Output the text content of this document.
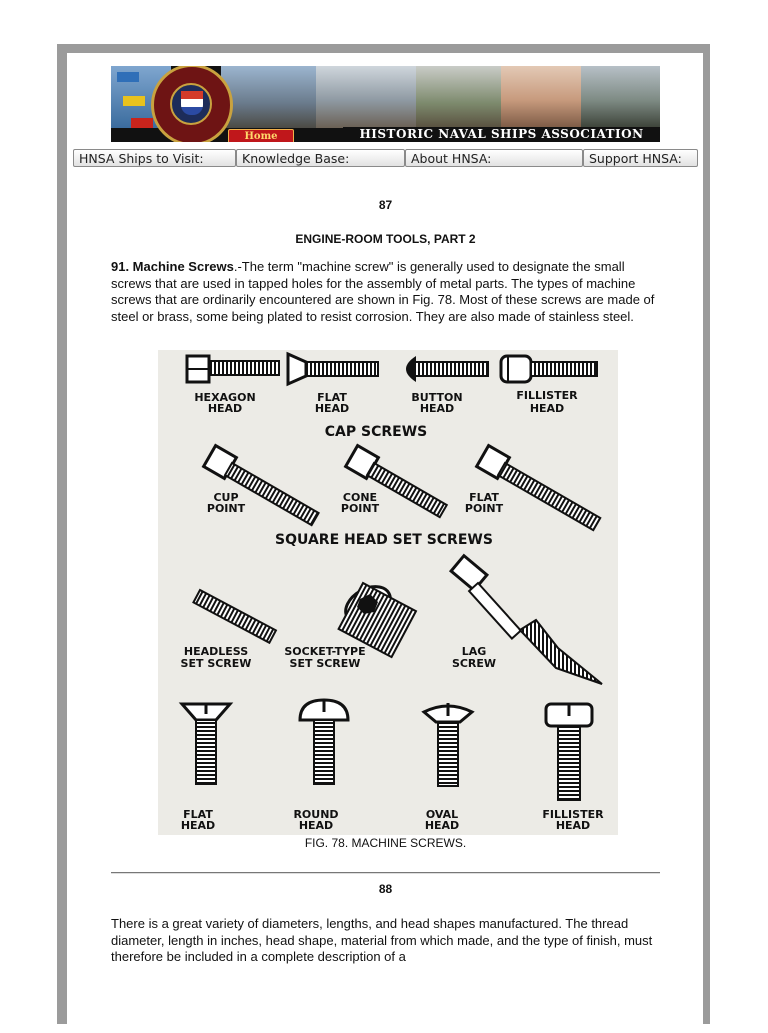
Home	HISTORIC NAVAL SHIPS ASSOCIATION
HNSA Ships to Visit:	Knowledge Base:	About HNSA:	Support HNSA:
87
ENGINE-ROOM TOOLS, PART 2
91. Machine Screws.-The term "machine screw" is generally used to designate the small screws that are used in tapped holes for the assembly of metal parts. The types of machine screws that are ordinarily encountered are shown in Fig. 78. Most of these screws are made of steel or brass, some being plated to resist corrosion. They are also made of stainless steel.
HEXAGON
HEAD
FLAT
HEAD
BUTTON
HEAD
FILLISTER
HEAD
CAP SCREWS
CUP
POINT
CONE
POINT
FLAT
POINT
SQUARE HEAD SET SCREWS
HEADLESS
SET SCREW
SOCKET-TYPE
SET SCREW
LAG
SCREW
FLAT
HEAD
ROUND
HEAD
OVAL
HEAD
FILLISTER
HEAD
FIG. 78. MACHINE SCREWS.
88
There is a great variety of diameters, lengths, and head shapes manufactured. The thread diameter, length in inches, head shape, material from which made, and the type of finish, must therefore be included in a complete description of a
